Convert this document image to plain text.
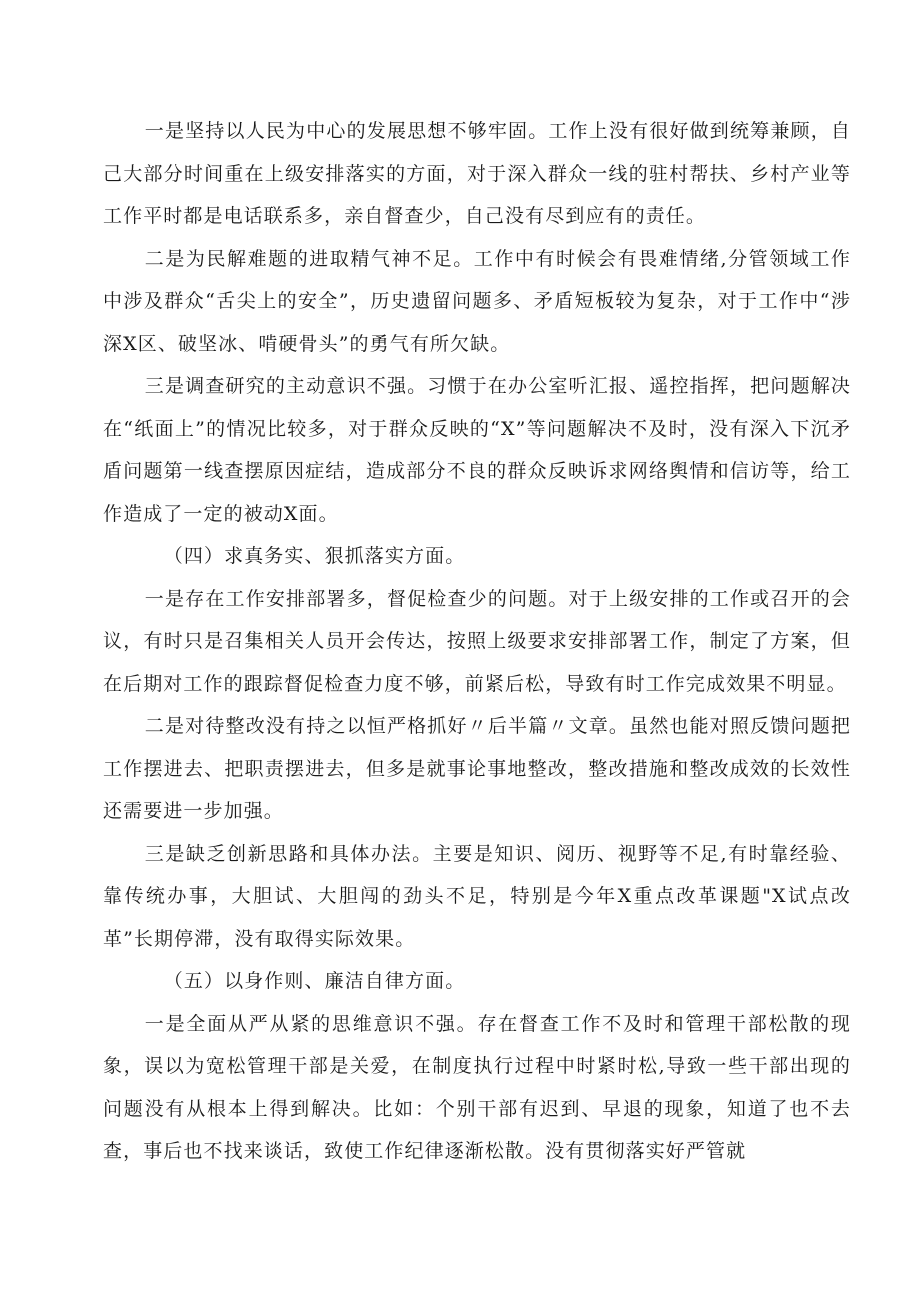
一是坚持以人民为中心的发展思想不够牢固。工作上没有很好做到统筹兼顾，自己大部分时间重在上级安排落实的方面，对于深入群众一线的驻村帮扶、乡村产业等工作平时都是电话联系多，亲自督查少，自己没有尽到应有的责任。

二是为民解难题的进取精气神不足。工作中有时候会有畏难情绪,分管领域工作中涉及群众“舌尖上的安全”，历史遗留问题多、矛盾短板较为复杂，对于工作中“涉深X区、破坚冰、啃硬骨头”的勇气有所欠缺。

三是调查研究的主动意识不强。习惯于在办公室听汇报、遥控指挥，把问题解决在“纸面上”的情况比较多，对于群众反映的“X”等问题解决不及时，没有深入下沉矛盾问题第一线查摆原因症结，造成部分不良的群众反映诉求网络舆情和信访等，给工作造成了一定的被动X面。

（四）求真务实、狠抓落实方面。

一是存在工作安排部署多，督促检查少的问题。对于上级安排的工作或召开的会议，有时只是召集相关人员开会传达，按照上级要求安排部署工作，制定了方案，但在后期对工作的跟踪督促检查力度不够，前紧后松，导致有时工作完成效果不明显。

二是对待整改没有持之以恒严格抓好〃后半篇〃文章。虽然也能对照反馈问题把工作摆进去、把职责摆进去，但多是就事论事地整改，整改措施和整改成效的长效性还需要进一步加强。

三是缺乏创新思路和具体办法。主要是知识、阅历、视野等不足,有时靠经验、靠传统办事，大胆试、大胆闯的劲头不足，特别是今年X重点改革课题"X试点改革”长期停滞，没有取得实际效果。

（五）以身作则、廉洁自律方面。

一是全面从严从紧的思维意识不强。存在督查工作不及时和管理干部松散的现象，误以为宽松管理干部是关爱，在制度执行过程中时紧时松,导致一些干部出现的问题没有从根本上得到解决。比如：个别干部有迟到、早退的现象，知道了也不去查，事后也不找来谈话，致使工作纪律逐渐松散。没有贯彻落实好严管就
